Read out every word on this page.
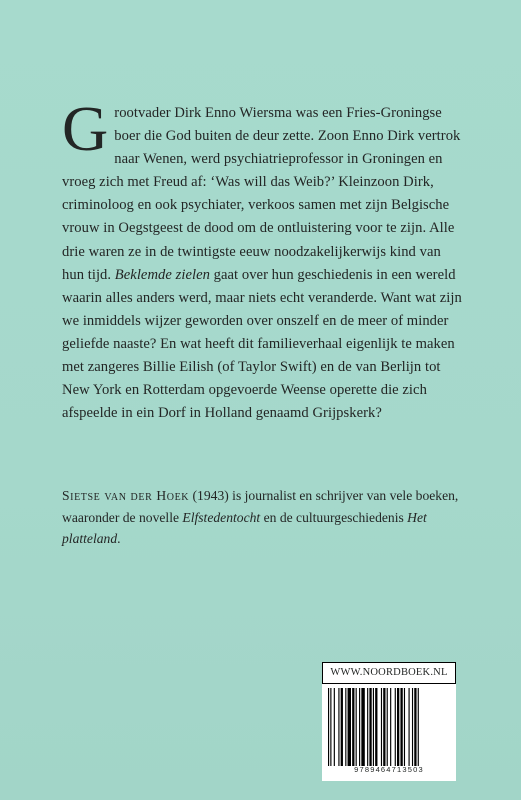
Grootvader Dirk Enno Wiersma was een Fries-Groningse boer die God buiten de deur zette. Zoon Enno Dirk vertrok naar Wenen, werd psychiatrieprofessor in Groningen en vroeg zich met Freud af: ‘Was will das Weib?’ Kleinzoon Dirk, criminoloog en ook psychiater, verkoos samen met zijn Belgische vrouw in Oegstgeest de dood om de ontluistering voor te zijn. Alle drie waren ze in de twintigste eeuw noodzakelijkerwijs kind van hun tijd. Beklemde zielen gaat over hun geschiedenis in een wereld waarin alles anders werd, maar niets echt veranderde. Want wat zijn we inmiddels wijzer geworden over onszelf en de meer of minder geliefde naaste? En wat heeft dit familieverhaal eigenlijk te maken met zangeres Billie Eilish (of Taylor Swift) en de van Berlijn tot New York en Rotterdam opgevoerde Weense operette die zich afspeelde in ein Dorf in Holland genaamd Grijpskerk?

Sietse van der Hoek (1943) is journalist en schrijver van vele boeken, waaronder de novelle Elfstedentocht en de cultuurgeschiedenis Het platteland.
WWW.NOORDBOEK.NL
9789464713503
